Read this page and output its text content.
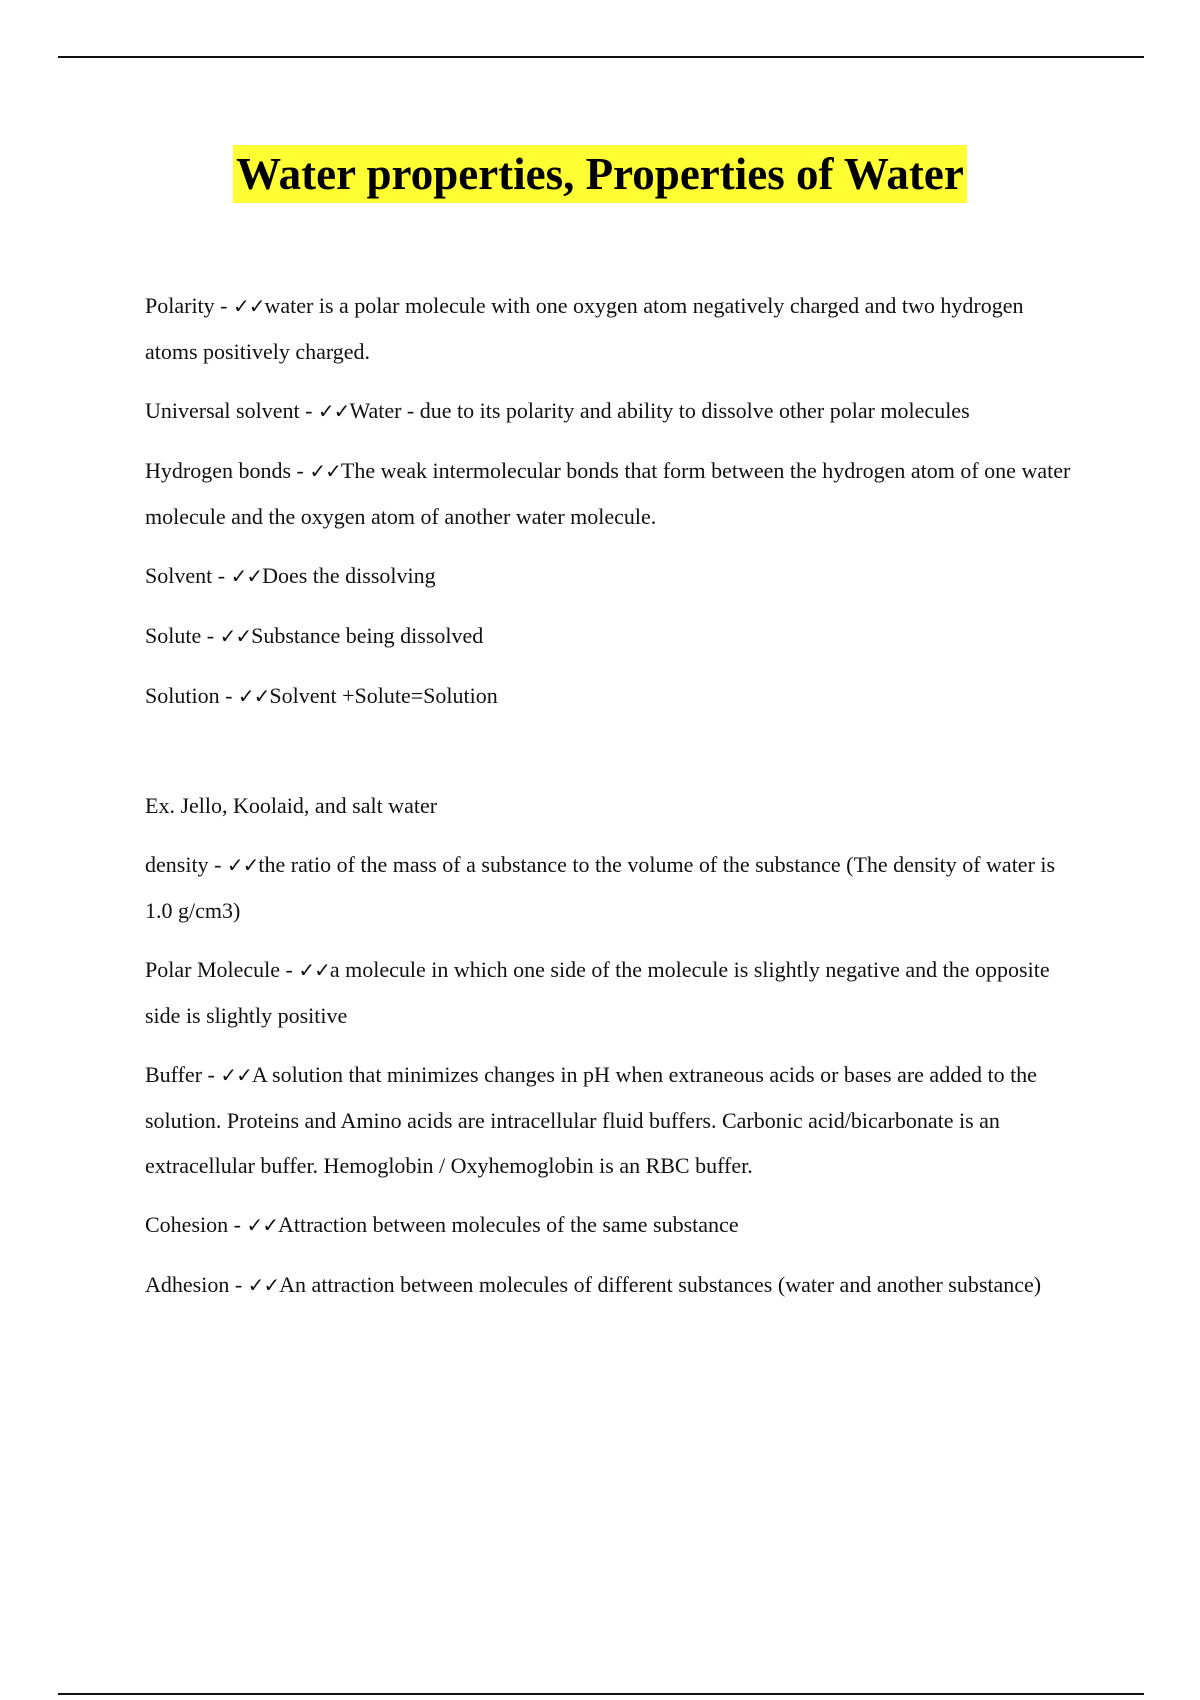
Water properties, Properties of Water

Polarity - ✓✓water is a polar molecule with one oxygen atom negatively charged and two hydrogen atoms positively charged.

Universal solvent - ✓✓Water - due to its polarity and ability to dissolve other polar molecules

Hydrogen bonds - ✓✓The weak intermolecular bonds that form between the hydrogen atom of one water molecule and the oxygen atom of another water molecule.

Solvent - ✓✓Does the dissolving

Solute - ✓✓Substance being dissolved

Solution - ✓✓Solvent +Solute=Solution

Ex. Jello, Koolaid, and salt water

density - ✓✓the ratio of the mass of a substance to the volume of the substance (The density of water is 1.0 g/cm3)

Polar Molecule - ✓✓a molecule in which one side of the molecule is slightly negative and the opposite side is slightly positive

Buffer - ✓✓A solution that minimizes changes in pH when extraneous acids or bases are added to the solution. Proteins and Amino acids are intracellular fluid buffers. Carbonic acid/bicarbonate is an extracellular buffer. Hemoglobin / Oxyhemoglobin is an RBC buffer.

Cohesion - ✓✓Attraction between molecules of the same substance

Adhesion - ✓✓An attraction between molecules of different substances (water and another substance)
